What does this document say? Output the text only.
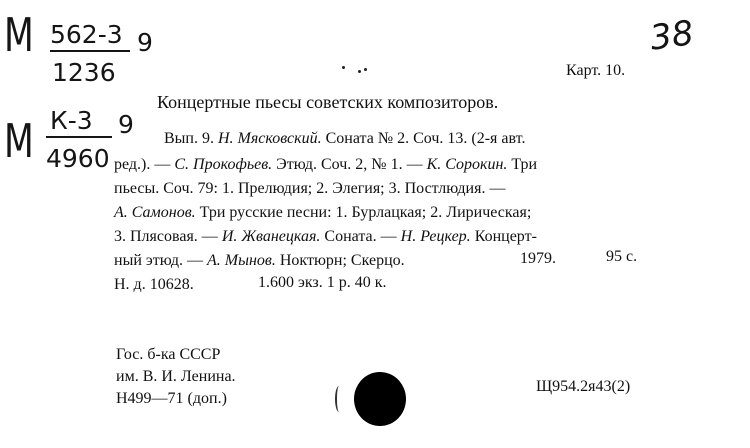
М 562-3
1236
9
М К-3
4960
9
38
Карт. 10.
Концертные пьесы советских композиторов.
Вып. 9. Н. Мясковский. Соната № 2. Соч. 13. (2-я авт.
ред.). — С. Прокофьев. Этюд. Соч. 2, № 1. — К. Сорокин. Три
пьесы. Соч. 79: 1. Прелюдия; 2. Элегия; 3. Постлюдия. —
А. Самонов. Три русские песни: 1. Бурлацкая; 2. Лирическая;
3. Плясовая. — И. Жванецкая. Соната. — Н. Рецкер. Концерт-
ный этюд. — А. Мынов. Ноктюрн; Скерцо.	1979.	95 с.
Н. д. 10628.	1.600 экз. 1 р. 40 к.
Гос. б-ка СССР
им. В. И. Ленина.
Н499—71 (доп.)
Щ954.2я43(2)
